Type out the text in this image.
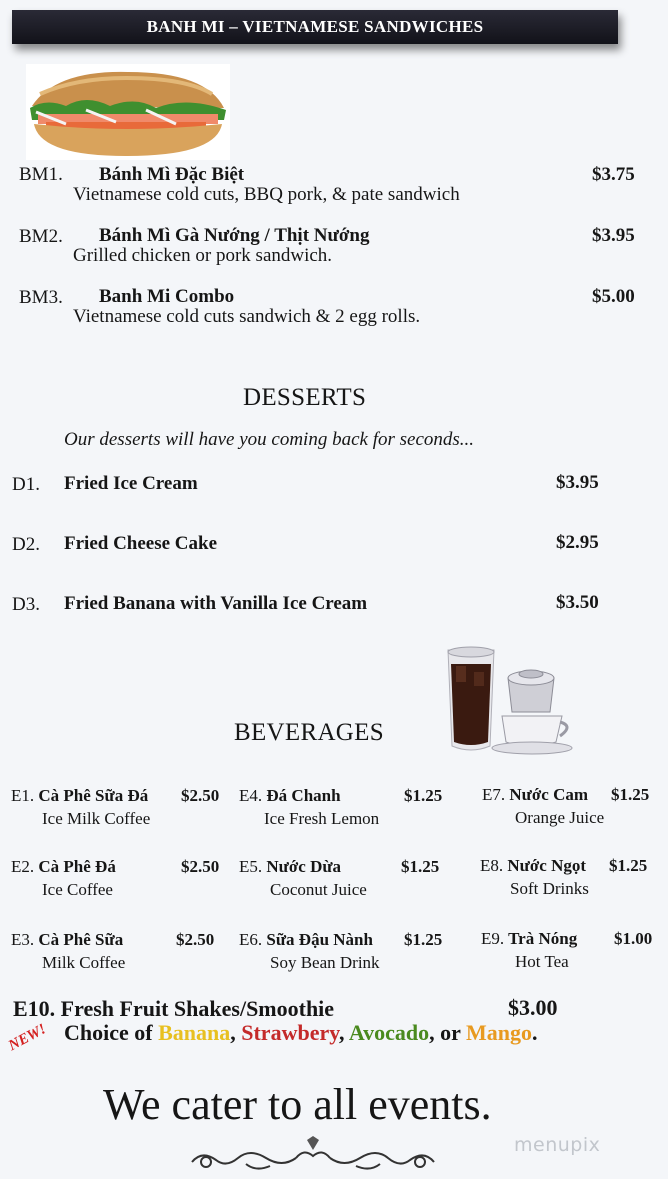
BANH MI – VIETNAMESE SANDWICHES
BM1. Bánh Mì Đặc Biệt
Vietnamese cold cuts, BBQ pork, & pate sandwich
$3.75
BM2. Bánh Mì Gà Nướng / Thịt Nướng
Grilled chicken or pork sandwich.
$3.95
BM3. Banh Mi Combo
Vietnamese cold cuts sandwich & 2 egg rolls.
$5.00
DESSERTS
Our desserts will have you coming back for seconds...
D1. Fried Ice Cream	$3.95
D2. Fried Cheese Cake	$2.95
D3. Fried Banana with Vanilla Ice Cream	$3.50
BEVERAGES
E1. Cà Phê Sữa Đá $2.50
Ice Milk Coffee
E2. Cà Phê Đá	$2.50
Ice Coffee
E3. Cà Phê Sữa	$2.50
Milk Coffee
E4. Đá Chanh	$1.25
Ice Fresh Lemon
E5. Nước Dừa	$1.25
Coconut Juice
E6. Sữa Đậu Nành $1.25
Soy Bean Drink
E7. Nước Cam $1.25
Orange Juice
E8. Nước Ngọt $1.25
Soft Drinks
E9. Trà Nóng $1.00
Hot Tea
E10. Fresh Fruit Shakes/Smoothie	$3.00
NEW! Choice of Banana, Strawbery, Avocado, or Mango.
We cater to all events.
menupix
